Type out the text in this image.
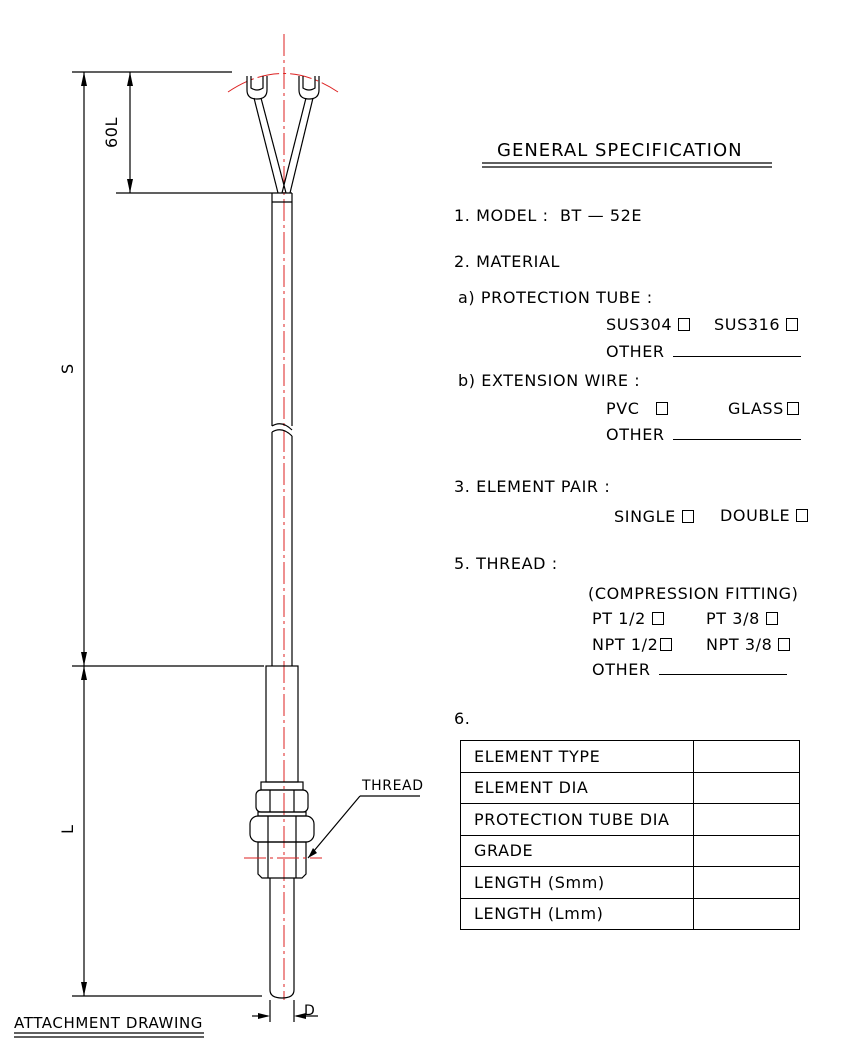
60L
S
L
D
THREAD
ATTACHMENT DRAWING
GENERAL SPECIFICATION
1. MODEL :  BT — 52E
2. MATERIAL
a) PROTECTION TUBE :
SUS304	SUS316
OTHER
b) EXTENSION WIRE :
PVC	GLASS
OTHER
3. ELEMENT PAIR :
SINGLE	DOUBLE
5. THREAD :
(COMPRESSION FITTING)
PT 1/2	PT 3/8
NPT 1/2	NPT 3/8
OTHER
6.
ELEMENT TYPE	
ELEMENT DIA	
PROTECTION TUBE DIA	
GRADE	
LENGTH (Smm)	
LENGTH (Lmm)	
